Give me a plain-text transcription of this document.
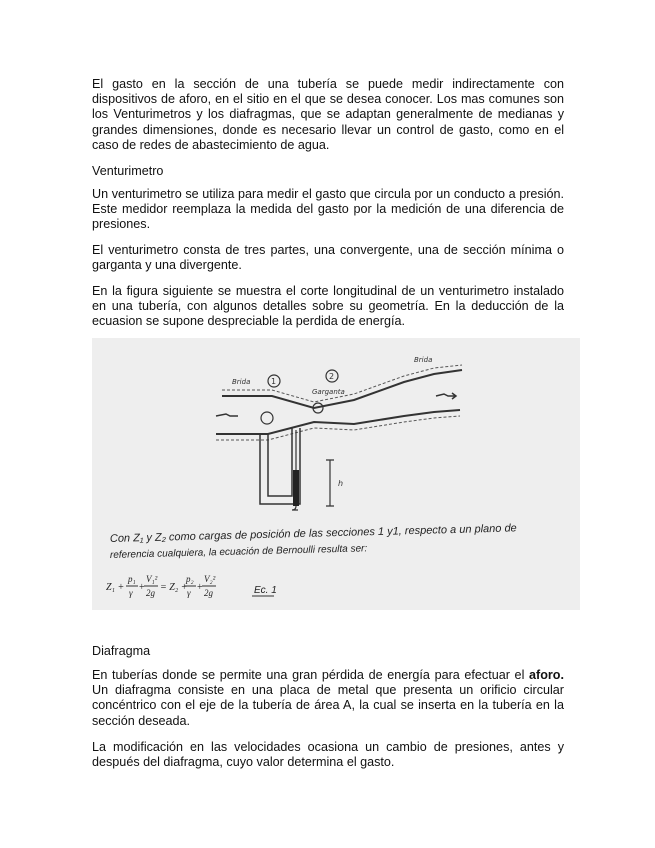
El gasto en la sección de una tubería se puede medir indirectamente con dispositivos de aforo, en el sitio en el que se desea conocer. Los mas comunes son los Venturimetros y los diafragmas, que se adaptan generalmente de medianas y grandes dimensiones, donde es necesario llevar un control de gasto, como en el caso de redes de abastecimiento de agua.

Venturimetro

Un venturimetro se utiliza para medir el gasto que circula por un conducto a presión. Este medidor reemplaza la medida del gasto por la medición de una diferencia de presiones.

El venturimetro consta de tres partes, una convergente, una de sección mínima o garganta y una divergente.

En la figura siguiente se muestra el corte longitudinal de un venturimetro instalado en una tubería, con algunos detalles sobre su geometría. En la deducción de la ecuasion se supone despreciable la perdida de energía.

Brida
Brida
Garganta
1
2
h
Con Z₁ y Z₂ como cargas de posición de las secciones 1 y1, respecto a un plano de
referencia cualquiera, la ecuación de Bernoulli resulta ser:
Z₁ +
p₁
γ +
V₁²
2g = Z₂ +
p₂
γ +
V₂²
2g	Ec. 1

Diafragma

En tuberías donde se permite una gran pérdida de energía para efectuar el aforo. Un diafragma consiste en una placa de metal que presenta un orificio circular concéntrico con el eje de la tubería de área A, la cual se inserta en la tubería en la sección deseada.

La modificación en las velocidades ocasiona un cambio de presiones, antes y después del diafragma, cuyo valor determina el gasto.
